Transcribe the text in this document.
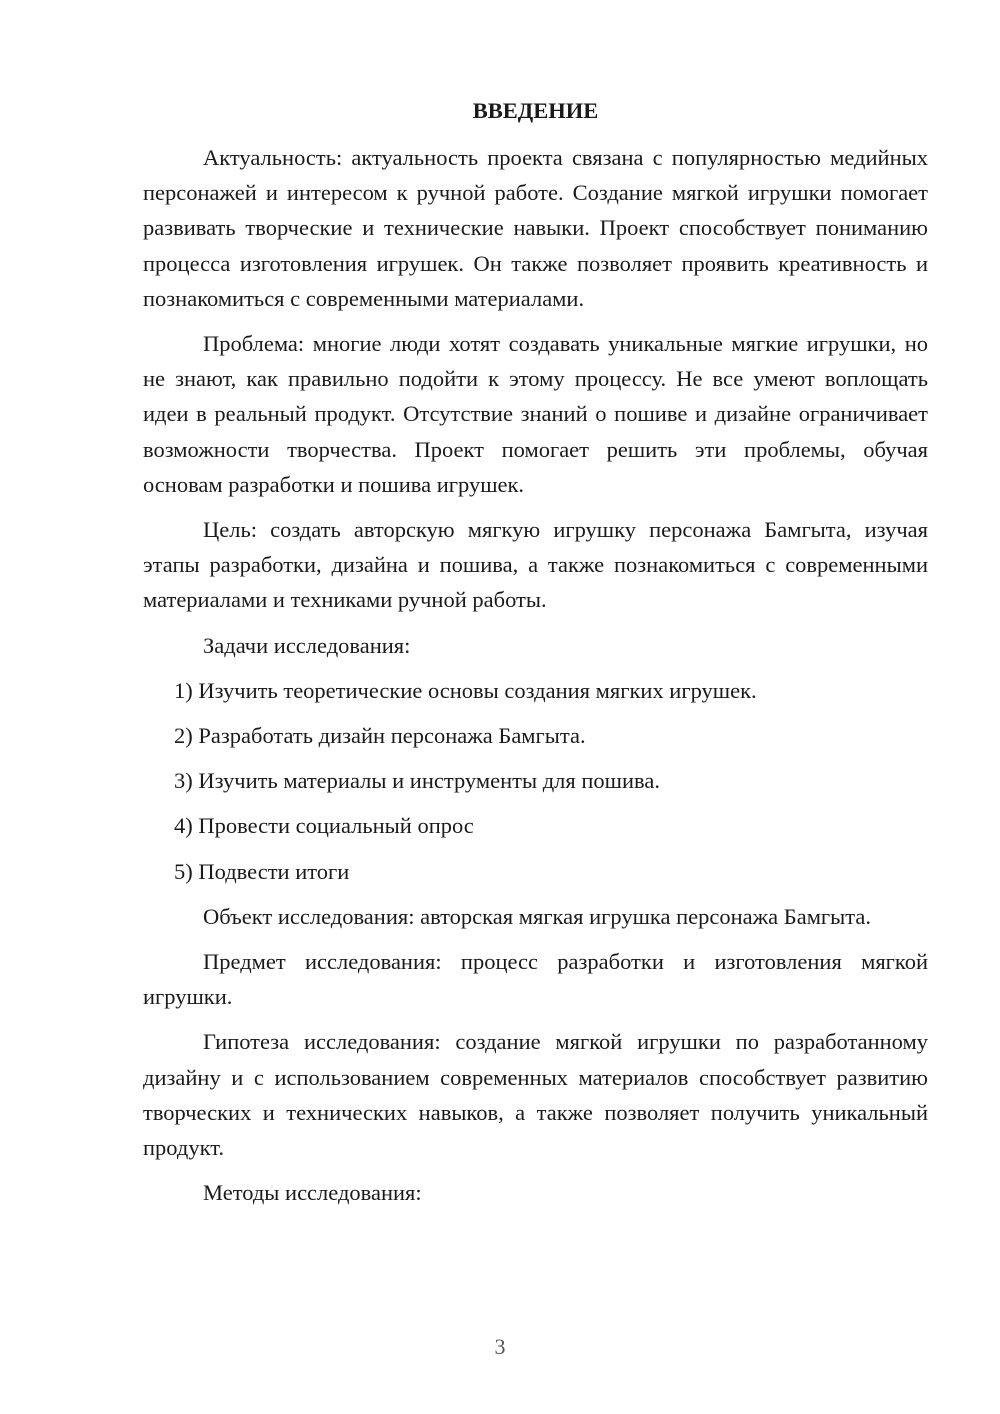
ВВЕДЕНИЕ

Актуальность: актуальность проекта связана с популярностью медийных персонажей и интересом к ручной работе. Создание мягкой игрушки помогает развивать творческие и технические навыки. Проект способствует пониманию процесса изготовления игрушек. Он также позволяет проявить креативность и познакомиться с современными материалами.

Проблема: многие люди хотят создавать уникальные мягкие игрушки, но не знают, как правильно подойти к этому процессу. Не все умеют воплощать идеи в реальный продукт. Отсутствие знаний о пошиве и дизайне ограничивает возможности творчества. Проект помогает решить эти проблемы, обучая основам разработки и пошива игрушек.

Цель: создать авторскую мягкую игрушку персонажа Бамгыта, изучая этапы разработки, дизайна и пошива, а также познакомиться с современными материалами и техниками ручной работы.

Задачи исследования:

1) Изучить теоретические основы создания мягких игрушек.
2) Разработать дизайн персонажа Бамгыта.
3) Изучить материалы и инструменты для пошива.
4) Провести социальный опрос
5) Подвести итоги

Объект исследования: авторская мягкая игрушка персонажа Бамгыта.

Предмет исследования: процесс разработки и изготовления мягкой игрушки.

Гипотеза исследования: создание мягкой игрушки по разработанному дизайну и с использованием современных материалов способствует развитию творческих и технических навыков, а также позволяет получить уникальный продукт.

Методы исследования:

3
